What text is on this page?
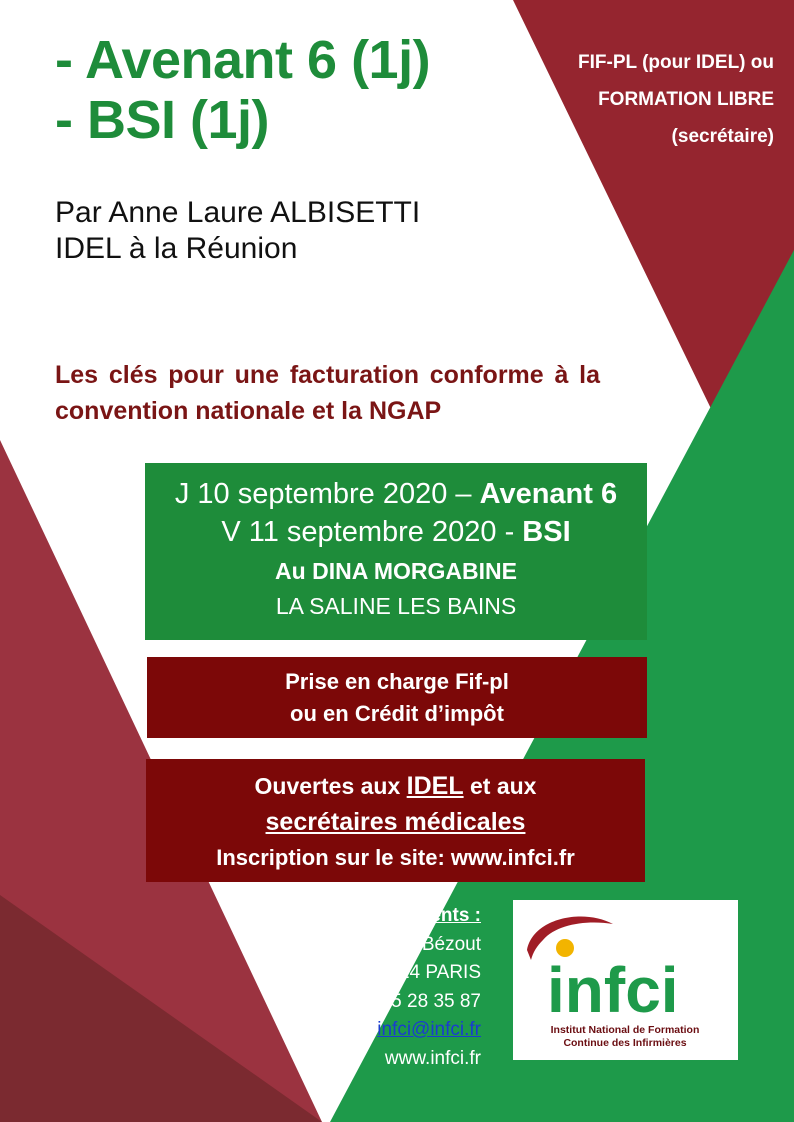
- Avenant 6 (1j)
- BSI (1j)
Par Anne Laure ALBISETTI
IDEL à la Réunion
FIF-PL (pour IDEL) ou
FORMATION LIBRE
(secrétaire)
Les clés pour une facturation conforme à la convention nationale et la NGAP
J 10 septembre 2020 – Avenant 6
V 11 septembre 2020 - BSI
Au DINA MORGABINE
LA SALINE LES BAINS
Prise en charge Fif-pl
ou en Crédit d’impôt
Ouvertes aux IDEL et aux
secrétaires médicales
Inscription sur le site: www.infci.fr
Renseignements :
INFCI – 9 rue Bézout
75014 PARIS
01 55 28 35 87
infci@infci.fr
www.infci.fr
infci
Institut National de Formation
Continue des Infirmières
